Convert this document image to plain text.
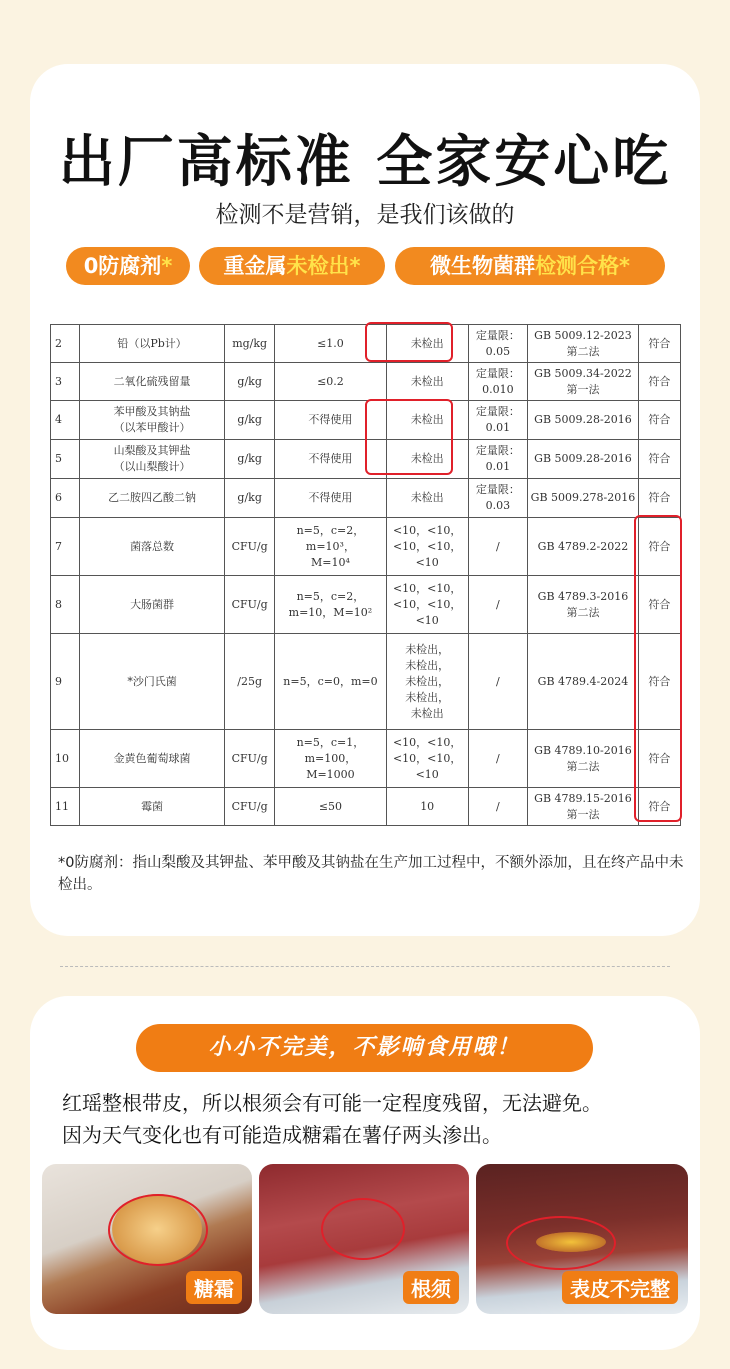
出厂高标准 全家安心吃
检测不是营销，是我们该做的
0防腐剂*	重金属未检出*	微生物菌群检测合格*
2	铅（以Pb计）	mg/kg	≤1.0	未检出	定量限：
0.05	GB 5009.12-2023
第二法	符合
3	二氧化硫残留量	g/kg	≤0.2	未检出	定量限：
0.010	GB 5009.34-2022
第一法	符合
4	苯甲酸及其钠盐
（以苯甲酸计）	g/kg	不得使用	未检出	定量限：
0.01	GB 5009.28-2016	符合
5	山梨酸及其钾盐
（以山梨酸计）	g/kg	不得使用	未检出	定量限：
0.01	GB 5009.28-2016	符合
6	乙二胺四乙酸二钠	g/kg	不得使用	未检出	定量限：
0.03	GB 5009.278-2016	符合
7	菌落总数	CFU/g	n=5，c=2，m=10³，
M=10⁴	<10，<10，
<10，<10，
<10	/	GB 4789.2-2022	符合
8	大肠菌群	CFU/g	n=5，c=2，m=10，M=10²	<10，<10，
<10，<10，
<10	/	GB 4789.3-2016
第二法	符合
9	*沙门氏菌	/25g	n=5，c=0，m=0	未检出，
未检出，
未检出，
未检出，
未检出	/	GB 4789.4-2024	符合
10	金黄色葡萄球菌	CFU/g	n=5，c=1，m=100，
M=1000	<10，<10，
<10，<10，
<10	/	GB 4789.10-2016
第二法	符合
11	霉菌	CFU/g	≤50	10	/	GB 4789.15-2016
第一法	符合
*0防腐剂：指山梨酸及其钾盐、苯甲酸及其钠盐在生产加工过程中，不额外添加，且在终产品中未检出。
小小不完美，不影响食用哦！
红瑶整根带皮，所以根须会有可能一定程度残留，无法避免。
因为天气变化也有可能造成糖霜在薯仔两头渗出。
糖霜	根须	表皮不完整
